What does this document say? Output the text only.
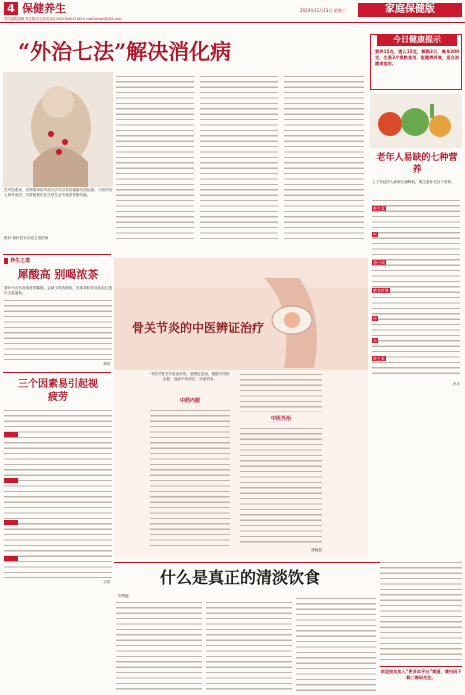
4 保健养生
责任编辑/梁峰 责任校对/王丽 电话/13452184013185 E-mail:bhtsjk@163.com
2024年11月13日 星期三	家庭保健版
“外治七法”解决消化病
在中医看来，有些简单的外治方法可以有效地解决消化病。下面介绍七种外治法，可帮助我们在日常生活中改善胃肠功能。
焦轩 徐轩伯安京府主治医师
今日健康提示
营养15克，遗么15克，鹌鹑2只，痛身200克，生姜3片煮熟食用，能健脾养胃，适合消瘦者食用。
老年人易缺的七种营养
上了年纪的人新陈代谢降低，要注意补充以下营养。
维生素
钙
蛋白质
膳食纤维
锌
水
维生素
孙丰
养生之道
犀酸高 别喝浓茶
茶叶中含有高浓度的鞣酸，会减少铁的吸收，饮浓茶时易导致血红蛋白含量偏低。
李明
三个因素易引起视疲劳
王明
骨关节炎的中医辨证治疗
中医对骨关节炎治疗的，是辨证论治，根据不同的证候，选择不同治法，从而治本。
中药内服
中医外治
康晓晨
什么是真正的清淡饮食
刘贤健
欢迎朋友加入“更多本平台”频道，请扫码下载二维码关注。
